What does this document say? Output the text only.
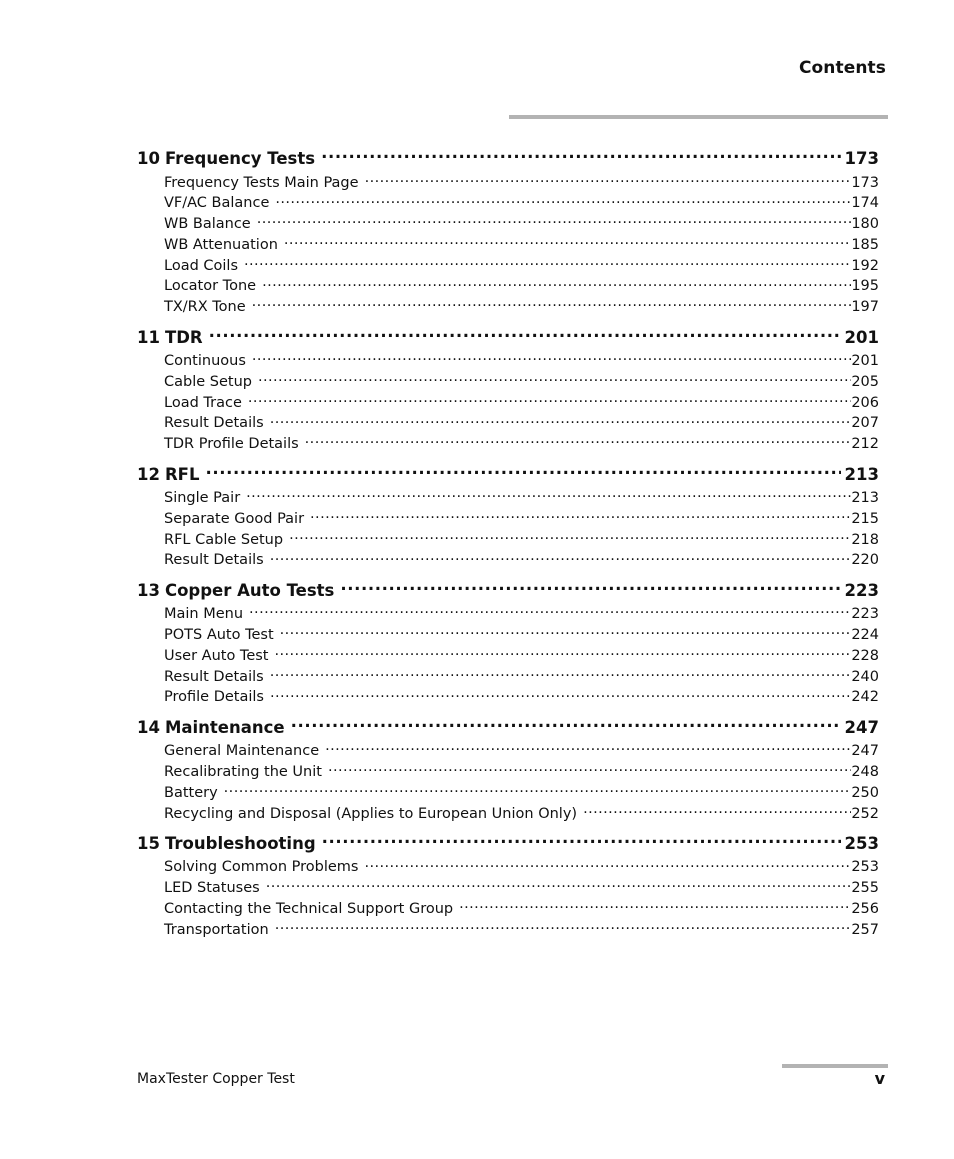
Contents
10 Frequency Tests .....	173
Frequency Tests Main Page .....	173
VF/AC Balance .....	174
WB Balance .....	180
WB Attenuation .....	185
Load Coils .....	192
Locator Tone .....	195
TX/RX Tone .....	197
11 TDR .....	201
Continuous .....	201
Cable Setup .....	205
Load Trace .....	206
Result Details .....	207
TDR Profile Details .....	212
12 RFL .....	213
Single Pair .....	213
Separate Good Pair .....	215
RFL Cable Setup .....	218
Result Details .....	220
13 Copper Auto Tests .....	223
Main Menu .....	223
POTS Auto Test .....	224
User Auto Test .....	228
Result Details .....	240
Profile Details .....	242
14 Maintenance .....	247
General Maintenance .....	247
Recalibrating the Unit .....	248
Battery .....	250
Recycling and Disposal (Applies to European Union Only) .....	252
15 Troubleshooting .....	253
Solving Common Problems .....	253
LED Statuses .....	255
Contacting the Technical Support Group .....	256
Transportation .....	257
MaxTester Copper Test	v
